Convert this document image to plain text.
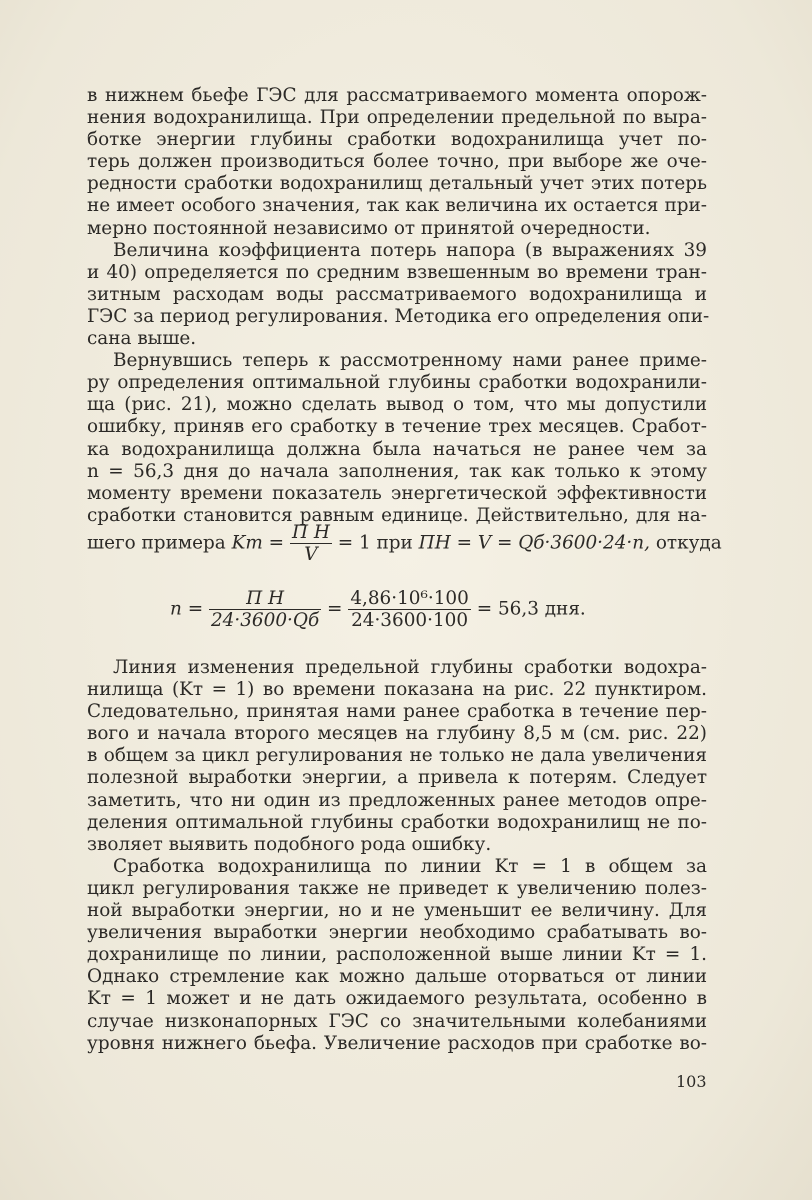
в нижнем бьефе ГЭС для рассматриваемого момента опорож-
нения водохранилища. При определении предельной по выра-
ботке энергии глубины сработки водохранилища учет по-
терь должен производиться более точно, при выборе же оче-
редности сработки водохранилищ детальный учет этих потерь
не имеет особого значения, так как величина их остается при-
мерно постоянной независимо от принятой очередности.
Величина коэффициента потерь напора (в выражениях 39
и 40) определяется по средним взвешенным во времени тран-
зитным расходам воды рассматриваемого водохранилища и
ГЭС за период регулирования. Методика его определения опи-
сана выше.
Вернувшись теперь к рассмотренному нами ранее приме-
ру определения оптимальной глубины сработки водохранили-
ща (рис. 21), можно сделать вывод о том, что мы допустили
ошибку, приняв его сработку в течение трех месяцев. Сработ-
ка водохранилища должна была начаться не ранее чем за
n = 56,3 дня до начала заполнения, так как только к этому
моменту времени показатель энергетической эффективности
сработки становится равным единице. Действительно, для на-
шего примера Kт = $\frac{\text{П Н}}{V} = 1$ при ПН = V = Qб·3600·24·n, откуда
$n = \frac{\text{П Н}}{24\cdot 3600\cdot Qб} = \frac{\text{4,86·10⁶·100}}{24\cdot 3600\cdot 100} = 56,3$ дня.
Линия изменения предельной глубины сработки водохра-
нилища (Kт = 1) во времени показана на рис. 22 пунктиром.
Следовательно, принятая нами ранее сработка в течение пер-
вого и начала второго месяцев на глубину 8,5 м (см. рис. 22)
в общем за цикл регулирования не только не дала увеличения
полезной выработки энергии, а привела к потерям. Следует
заметить, что ни один из предложенных ранее методов опре-
деления оптимальной глубины сработки водохранилищ не по-
зволяет выявить подобного рода ошибку.
Сработка водохранилища по линии Kт = 1 в общем за
цикл регулирования также не приведет к увеличению полез-
ной выработки энергии, но и не уменьшит ее величину. Для
увеличения выработки энергии необходимо срабатывать во-
дохранилище по линии, расположенной выше линии Kт = 1.
Однако стремление как можно дальше оторваться от линии
Kт = 1 может и не дать ожидаемого результата, особенно в
случае низконапорных ГЭС со значительными колебаниями
уровня нижнего бьефа. Увеличение расходов при сработке во-
103
